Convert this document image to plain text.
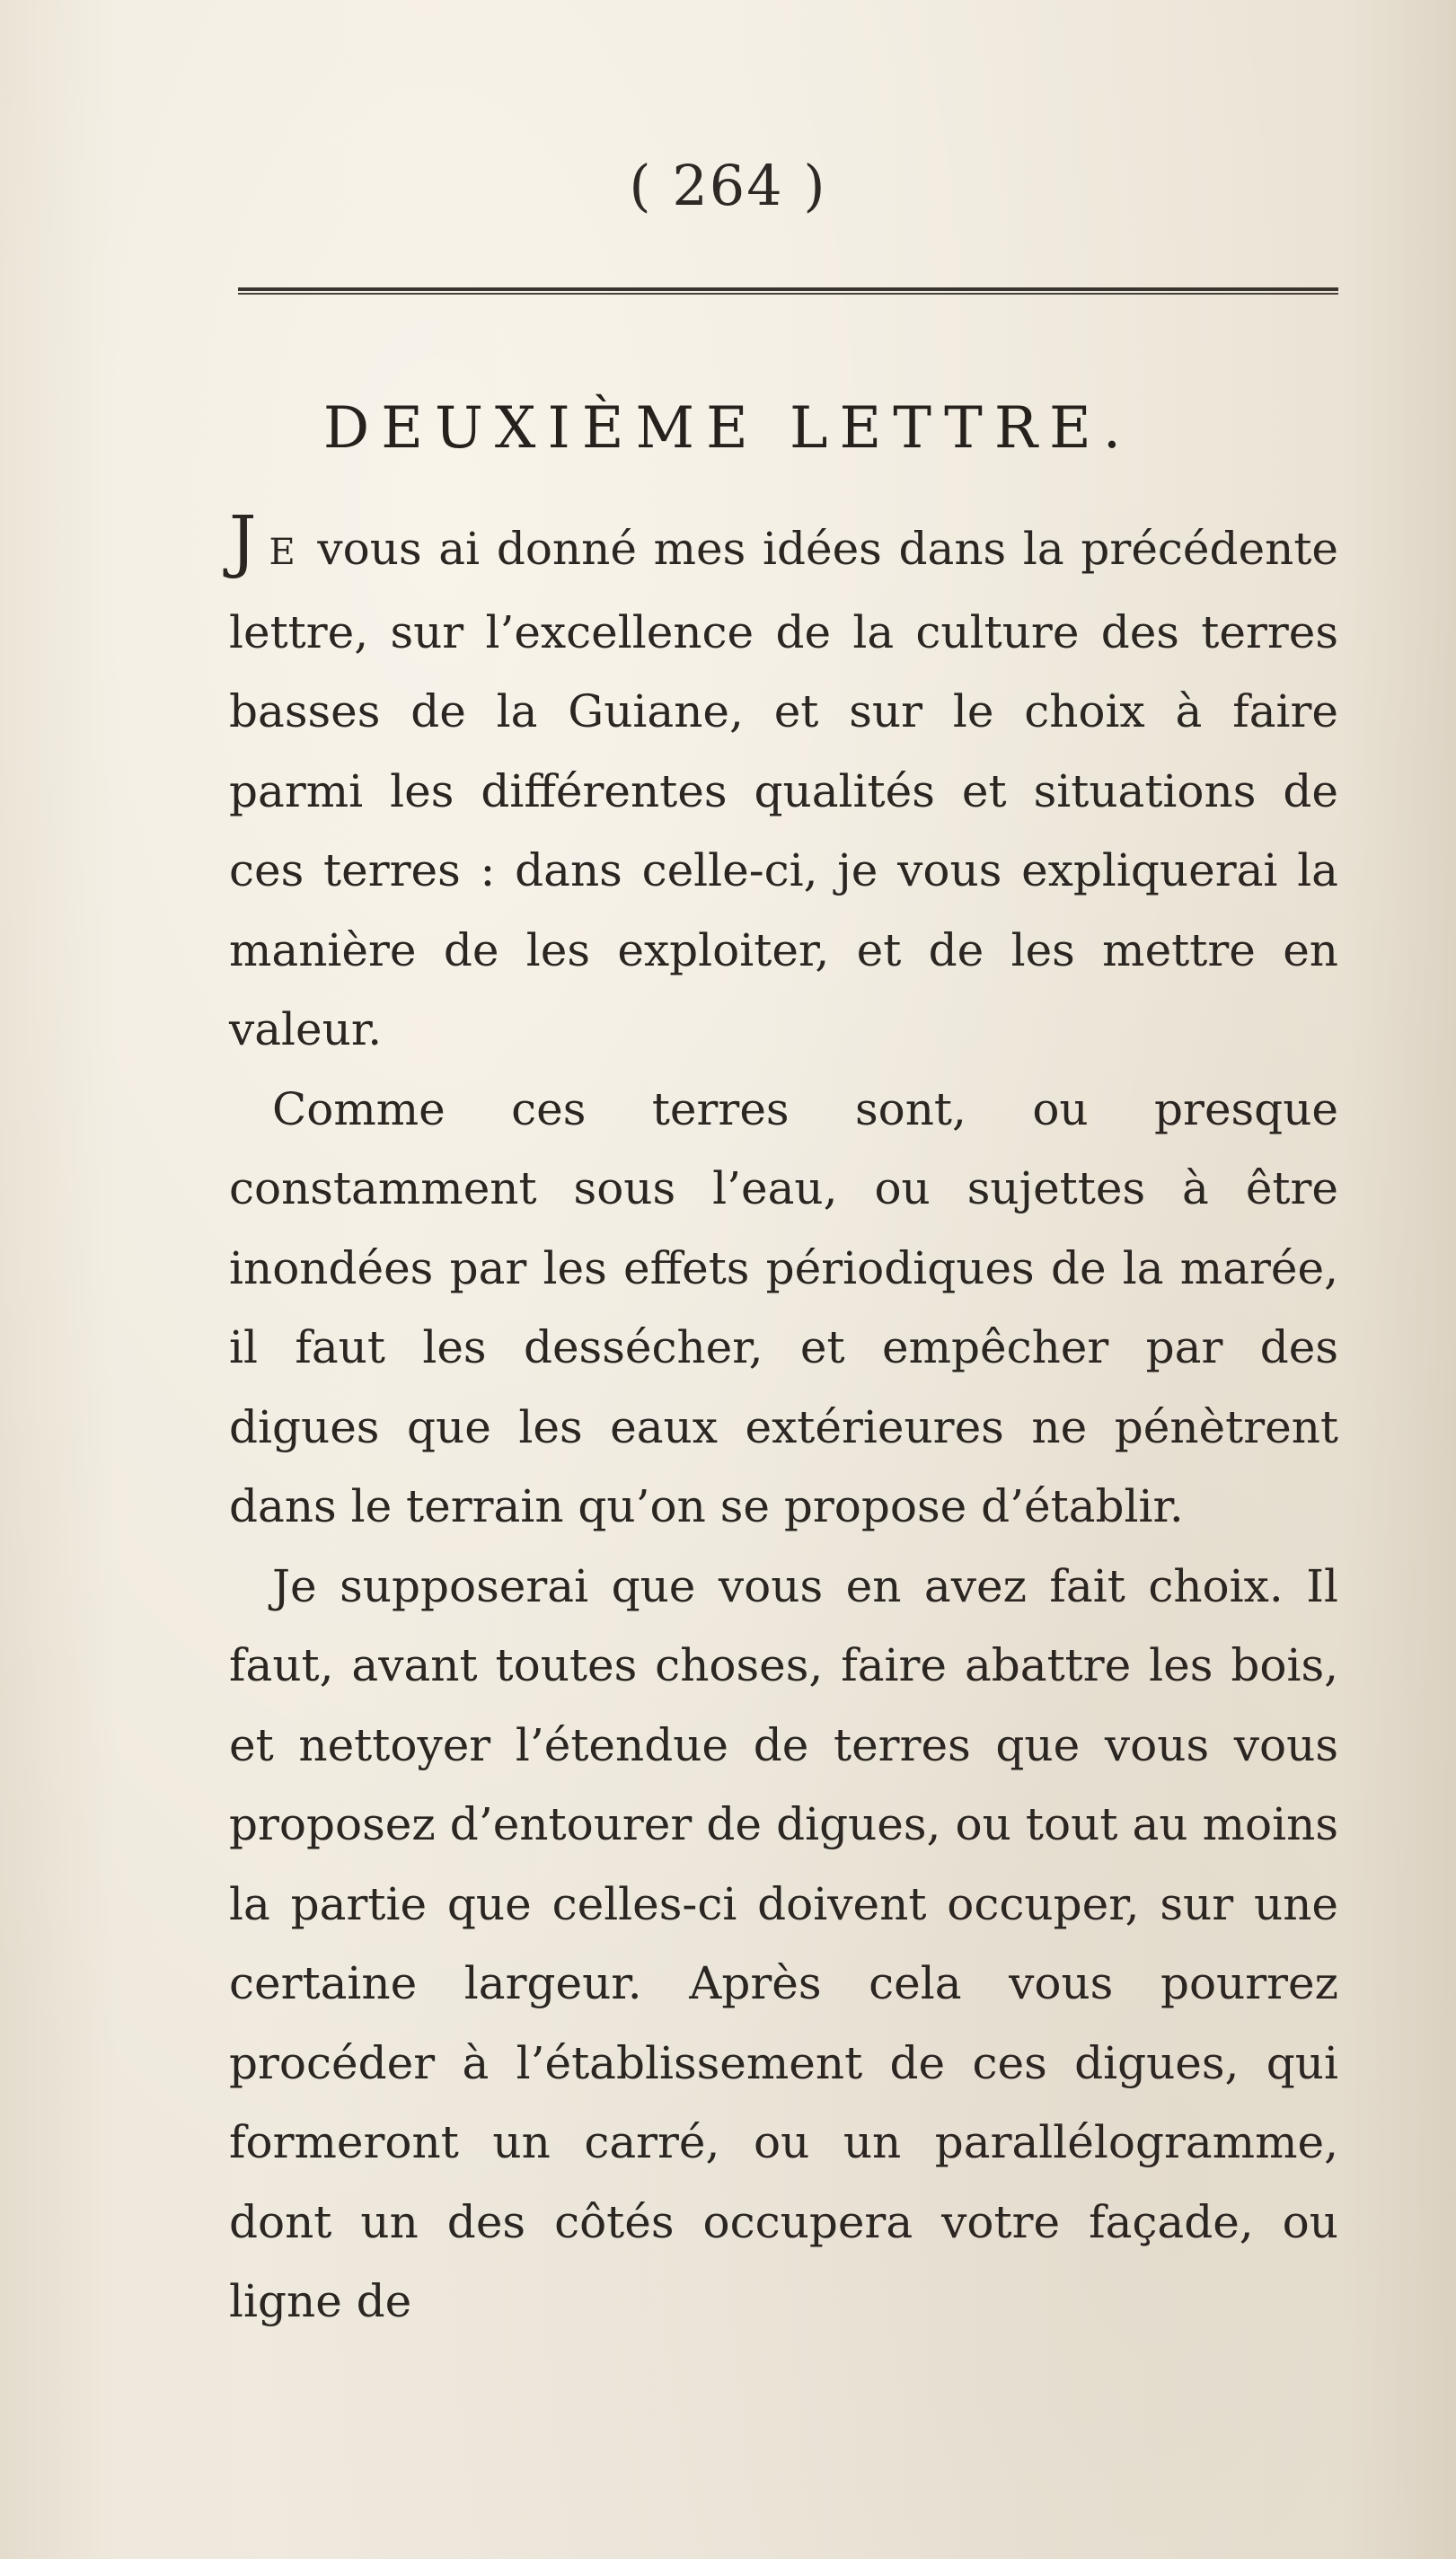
( 264 )
DEUXIÈME LETTRE.

J E vous ai donné mes idées dans la précédente lettre, sur l’excellence de la culture des terres basses de la Guiane, et sur le choix à faire parmi les différentes qualités et situations de ces terres : dans celle-ci, je vous expliquerai la manière de les exploiter, et de les mettre en valeur.

Comme ces terres sont, ou presque constamment sous l’eau, ou sujettes à être inondées par les effets périodiques de la marée, il faut les dessécher, et empêcher par des digues que les eaux extérieures ne pénètrent dans le terrain qu’on se propose d’établir.

Je supposerai que vous en avez fait choix. Il faut, avant toutes choses, faire abattre les bois, et nettoyer l’étendue de terres que vous vous proposez d’entourer de digues, ou tout au moins la partie que celles-ci doivent occuper, sur une certaine largeur. Après cela vous pourrez procéder à l’établissement de ces digues, qui formeront un carré, ou un parallélogramme, dont un des côtés occupera votre façade, ou ligne de
